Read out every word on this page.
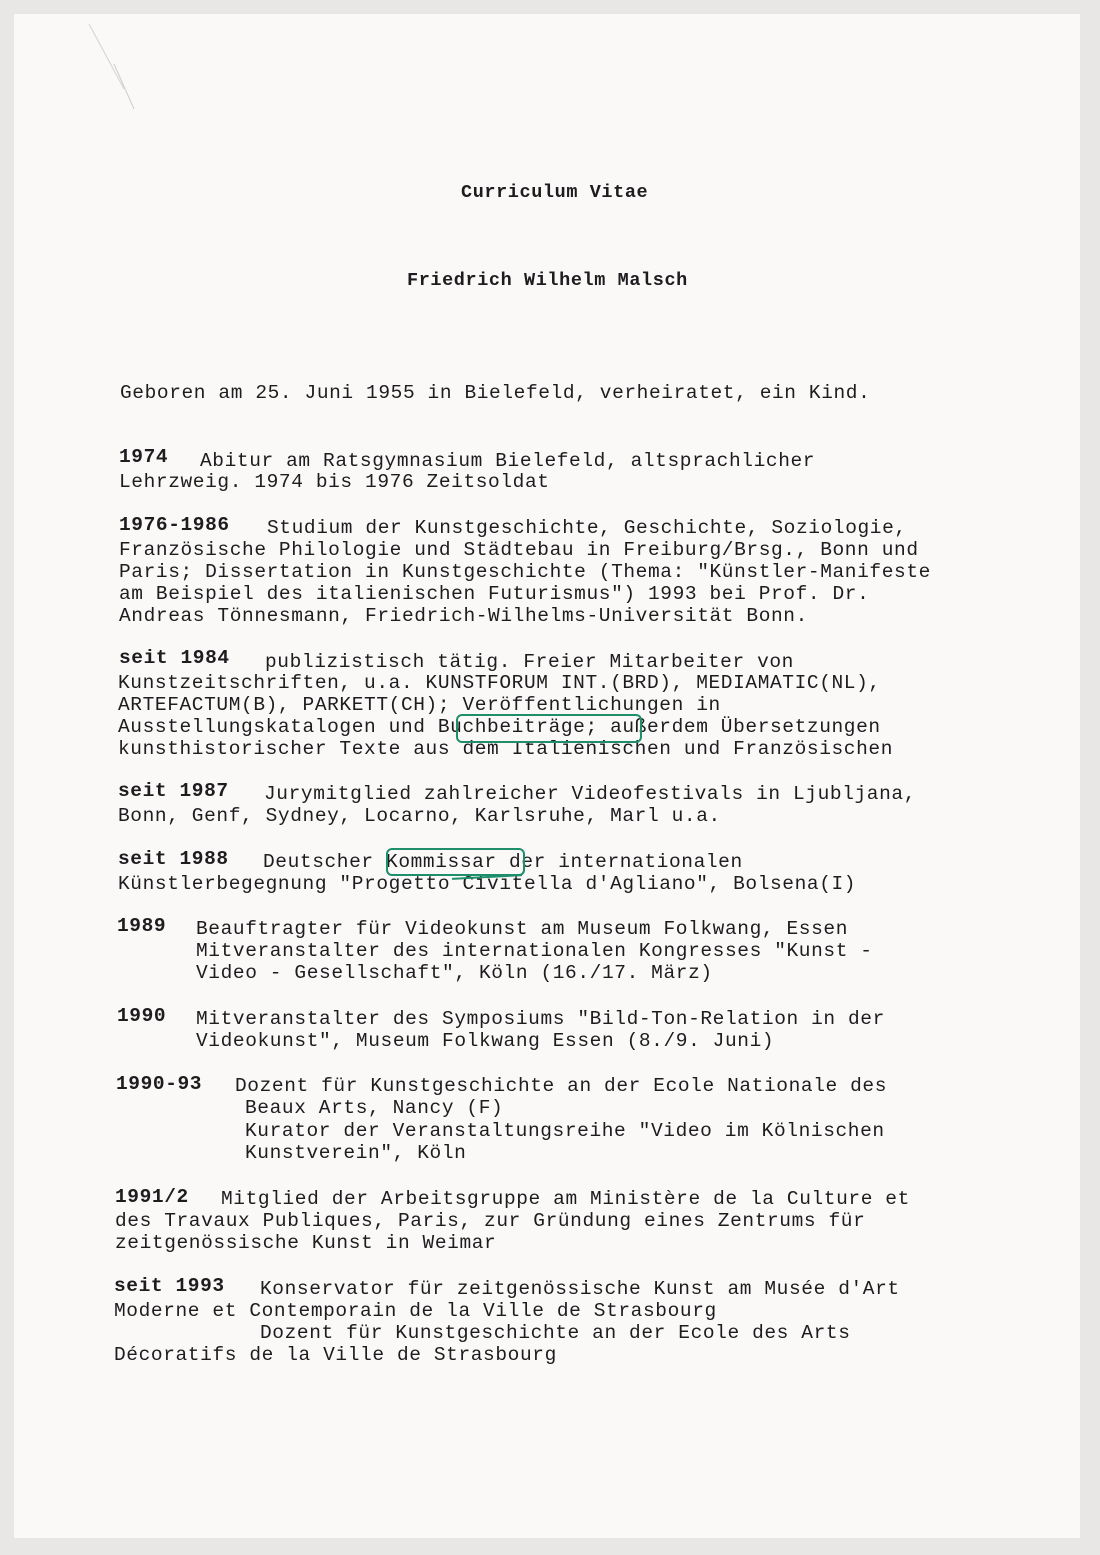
Curriculum Vitae
Friedrich Wilhelm Malsch
Geboren am 25. Juni 1955 in Bielefeld, verheiratet, ein Kind.
1974 Abitur am Ratsgymnasium Bielefeld, altsprachlicher
Lehrzweig. 1974 bis 1976 Zeitsoldat
1976-1986 Studium der Kunstgeschichte, Geschichte, Soziologie,
Französische Philologie und Städtebau in Freiburg/Brsg., Bonn und
Paris; Dissertation in Kunstgeschichte (Thema: "Künstler-Manifeste
am Beispiel des italienischen Futurismus") 1993 bei Prof. Dr.
Andreas Tönnesmann, Friedrich-Wilhelms-Universität Bonn.
seit 1984 publizistisch tätig. Freier Mitarbeiter von
Kunstzeitschriften, u.a. KUNSTFORUM INT.(BRD), MEDIAMATIC(NL),
ARTEFACTUM(B), PARKETT(CH); Veröffentlichungen in
Ausstellungskatalogen und Buchbeiträge; außerdem Übersetzungen
kunsthistorischer Texte aus dem Italienischen und Französischen
seit 1987 Jurymitglied zahlreicher Videofestivals in Ljubljana,
Bonn, Genf, Sydney, Locarno, Karlsruhe, Marl u.a.
seit 1988 Deutscher Kommissar der internationalen
Künstlerbegegnung "Progetto Civitella d'Agliano", Bolsena(I)
1989 Beauftragter für Videokunst am Museum Folkwang, Essen
Mitveranstalter des internationalen Kongresses "Kunst -
Video - Gesellschaft", Köln (16./17. März)
1990 Mitveranstalter des Symposiums "Bild-Ton-Relation in der
Videokunst", Museum Folkwang Essen (8./9. Juni)
1990-93 Dozent für Kunstgeschichte an der Ecole Nationale des
Beaux Arts, Nancy (F)
Kurator der Veranstaltungsreihe "Video im Kölnischen
Kunstverein", Köln
1991/2 Mitglied der Arbeitsgruppe am Ministère de la Culture et
des Travaux Publiques, Paris, zur Gründung eines Zentrums für
zeitgenössische Kunst in Weimar
seit 1993 Konservator für zeitgenössische Kunst am Musée d'Art
Moderne et Contemporain de la Ville de Strasbourg
Dozent für Kunstgeschichte an der Ecole des Arts
Décoratifs de la Ville de Strasbourg
